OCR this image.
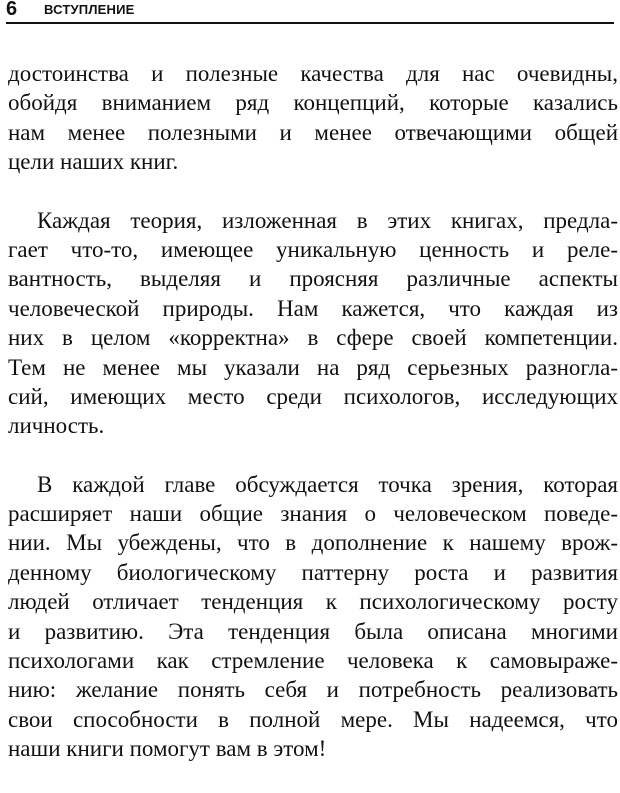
6 ВСТУПЛЕНИЕ
достоинства и полезные качества для нас очевидны,
обойдя вниманием ряд концепций, которые казались
нам менее полезными и менее отвечающими общей
цели наших книг.
Каждая теория, изложенная в этих книгах, предла-
гает что-то, имеющее уникальную ценность и реле-
вантность, выделяя и проясняя различные аспекты
человеческой природы. Нам кажется, что каждая из
них в целом «корректна» в сфере своей компетенции.
Тем не менее мы указали на ряд серьезных разногла-
сий, имеющих место среди психологов, исследующих
личность.
В каждой главе обсуждается точка зрения, которая
расширяет наши общие знания о человеческом поведе-
нии. Мы убеждены, что в дополнение к нашему врож-
денному биологическому паттерну роста и развития
людей отличает тенденция к психологическому росту
и развитию. Эта тенденция была описана многими
психологами как стремление человека к самовыраже-
нию: желание понять себя и потребность реализовать
свои способности в полной мере. Мы надеемся, что
наши книги помогут вам в этом!
